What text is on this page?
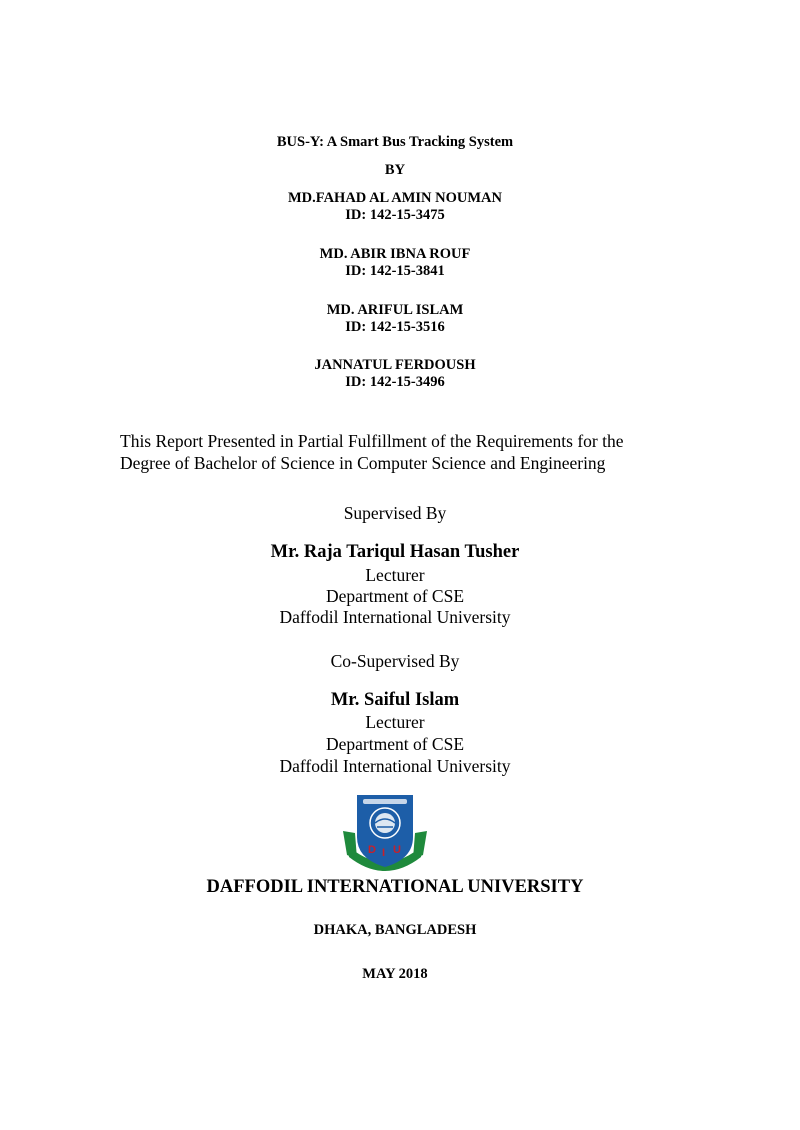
BUS-Y: A Smart Bus Tracking System
BY
MD.FAHAD AL AMIN NOUMAN
ID: 142-15-3475
MD. ABIR IBNA ROUF
ID: 142-15-3841
MD. ARIFUL ISLAM
ID: 142-15-3516
JANNATUL FERDOUSH
ID: 142-15-3496
This Report Presented in Partial Fulfillment of the Requirements for the
Degree of Bachelor of Science in Computer Science and Engineering
Supervised By
Mr. Raja Tariqul Hasan Tusher
Lecturer
Department of CSE
Daffodil International University
Co-Supervised By
Mr. Saiful Islam
Lecturer
Department of CSE
Daffodil International University
D I U
DAFFODIL INTERNATIONAL UNIVERSITY
DHAKA, BANGLADESH
MAY 2018
